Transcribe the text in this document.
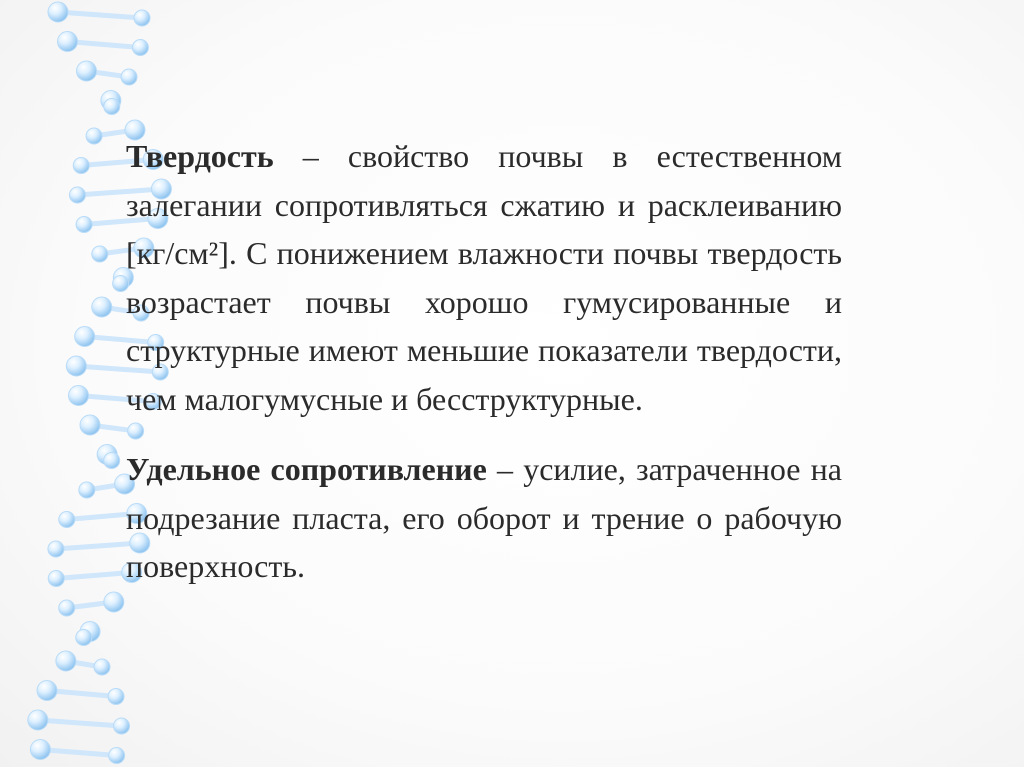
Твердость – свойство почвы в естественном залегании сопротивляться сжатию и расклеиванию [кг/см²]. С понижением влажности почвы твердость возрастает почвы хорошо гумусированные и структурные имеют меньшие показатели твердости, чем малогумусные и бесструктурные.

Удельное сопротивление – усилие, затраченное на подрезание пласта, его оборот и трение о рабочую поверхность.
